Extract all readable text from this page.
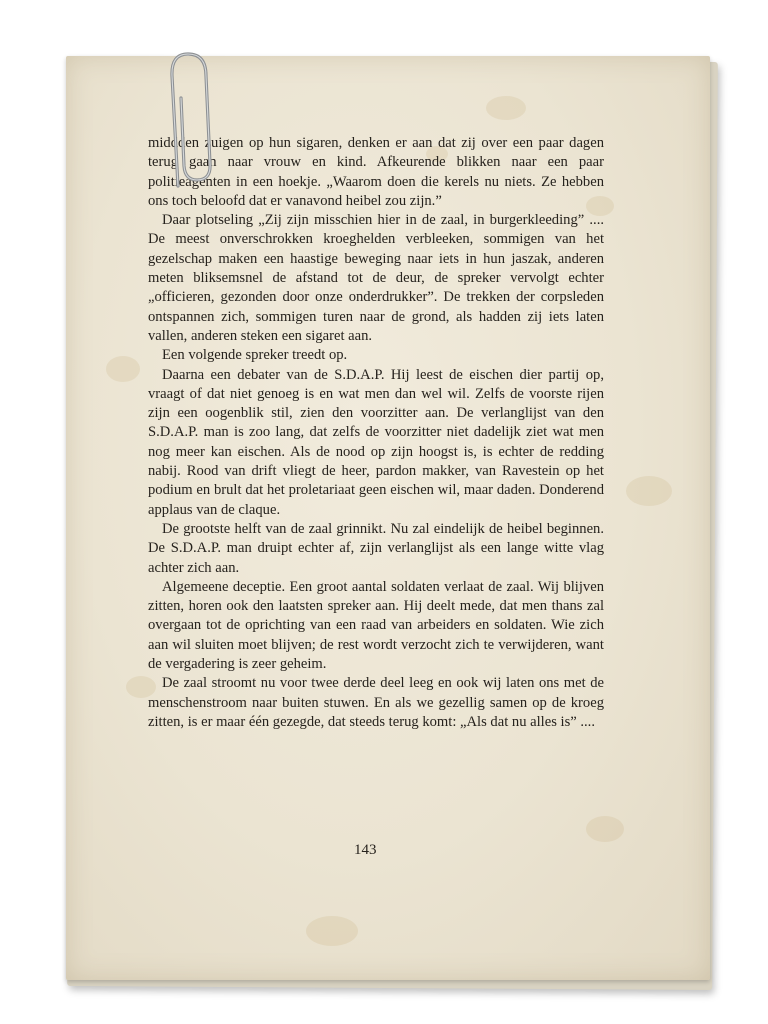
middden zuigen op hun sigaren, denken er aan dat zij over een paar dagen terug gaan naar vrouw en kind. Afkeurende blikken naar een paar politieagenten in een hoekje. „Waarom doen die kerels nu niets. Ze hebben ons toch beloofd dat er vanavond heibel zou zijn.”

Daar plotseling „Zij zijn misschien hier in de zaal, in burgerkleeding” .... De meest onverschrokken kroeghelden verbleeken, sommigen van het gezelschap maken een haastige beweging naar iets in hun jaszak, anderen meten bliksemsnel de afstand tot de deur, de spreker vervolgt echter „officieren, gezonden door onze onderdrukker”. De trekken der corpsleden ontspannen zich, sommigen turen naar de grond, als hadden zij iets laten vallen, anderen steken een sigaret aan.

Een volgende spreker treedt op.

Daarna een debater van de S.D.A.P. Hij leest de eischen dier partij op, vraagt of dat niet genoeg is en wat men dan wel wil. Zelfs de voorste rijen zijn een oogenblik stil, zien den voorzitter aan. De verlanglijst van den S.D.A.P. man is zoo lang, dat zelfs de voorzitter niet dadelijk ziet wat men nog meer kan eischen. Als de nood op zijn hoogst is, is echter de redding nabij. Rood van drift vliegt de heer, pardon makker, van Ravestein op het podium en brult dat het proletariaat geen eischen wil, maar daden. Donderend applaus van de claque.

De grootste helft van de zaal grinnikt. Nu zal eindelijk de heibel beginnen. De S.D.A.P. man druipt echter af, zijn verlanglijst als een lange witte vlag achter zich aan.

Algemeene deceptie. Een groot aantal soldaten verlaat de zaal. Wij blijven zitten, horen ook den laatsten spreker aan. Hij deelt mede, dat men thans zal overgaan tot de oprichting van een raad van arbeiders en soldaten. Wie zich aan wil sluiten moet blijven; de rest wordt verzocht zich te verwijderen, want de vergadering is zeer geheim.

De zaal stroomt nu voor twee derde deel leeg en ook wij laten ons met de menschenstroom naar buiten stuwen. En als we gezellig samen op de kroeg zitten, is er maar één gezegde, dat steeds terug komt: „Als dat nu alles is” ....

143
